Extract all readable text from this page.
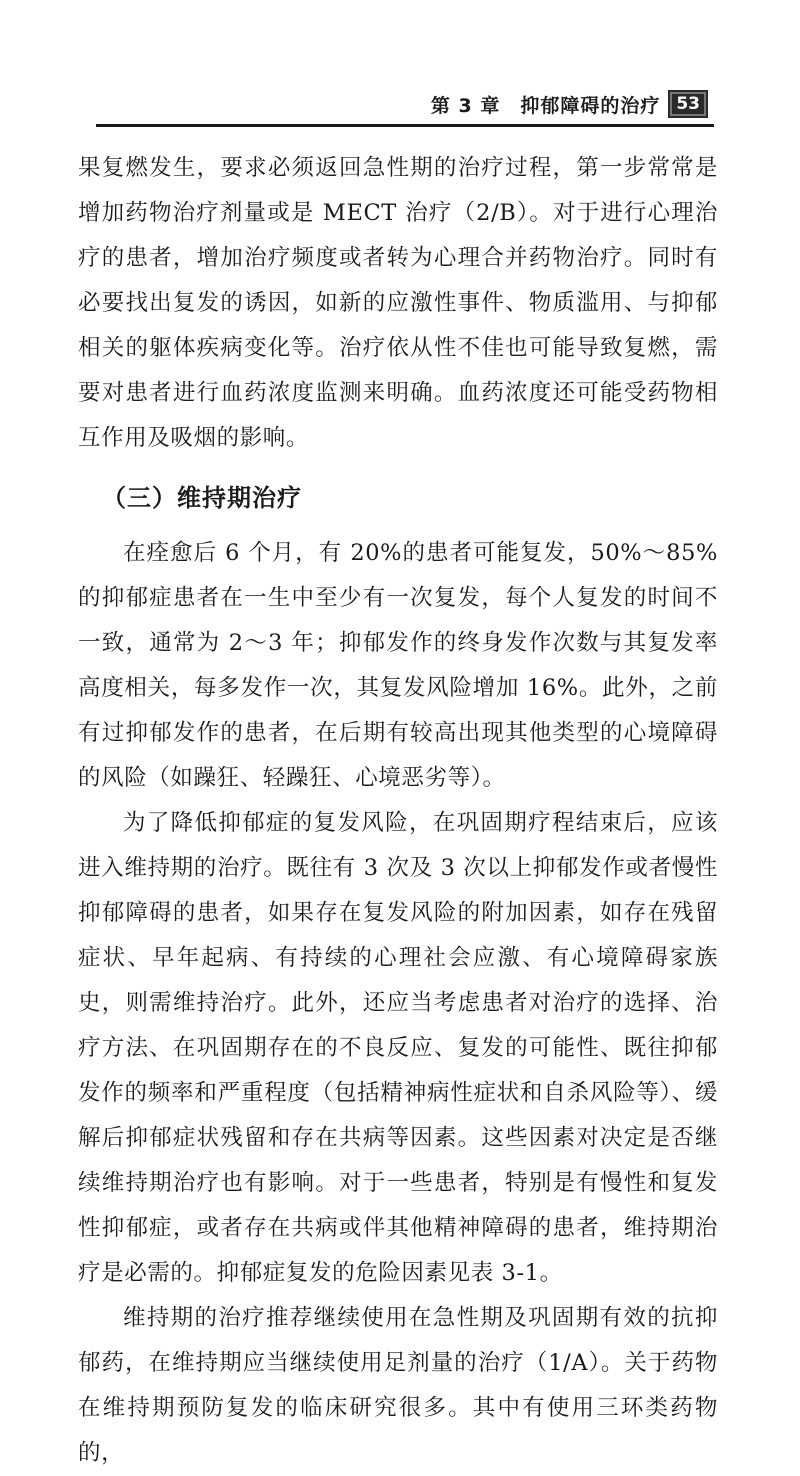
第 3 章　抑郁障碍的治疗 53

果复燃发生，要求必须返回急性期的治疗过程，第一步常常是增加药物治疗剂量或是 MECT 治疗（2/B）。对于进行心理治疗的患者，增加治疗频度或者转为心理合并药物治疗。同时有必要找出复发的诱因，如新的应激性事件、物质滥用、与抑郁相关的躯体疾病变化等。治疗依从性不佳也可能导致复燃，需要对患者进行血药浓度监测来明确。血药浓度还可能受药物相互作用及吸烟的影响。

（三）维持期治疗

在痊愈后 6 个月，有 20%的患者可能复发，50%～85%的抑郁症患者在一生中至少有一次复发，每个人复发的时间不一致，通常为 2～3 年；抑郁发作的终身发作次数与其复发率高度相关，每多发作一次，其复发风险增加 16%。此外，之前有过抑郁发作的患者，在后期有较高出现其他类型的心境障碍的风险（如躁狂、轻躁狂、心境恶劣等）。

为了降低抑郁症的复发风险，在巩固期疗程结束后，应该进入维持期的治疗。既往有 3 次及 3 次以上抑郁发作或者慢性抑郁障碍的患者，如果存在复发风险的附加因素，如存在残留症状、早年起病、有持续的心理社会应激、有心境障碍家族史，则需维持治疗。此外，还应当考虑患者对治疗的选择、治疗方法、在巩固期存在的不良反应、复发的可能性、既往抑郁发作的频率和严重程度（包括精神病性症状和自杀风险等）、缓解后抑郁症状残留和存在共病等因素。这些因素对决定是否继续维持期治疗也有影响。对于一些患者，特别是有慢性和复发性抑郁症，或者存在共病或伴其他精神障碍的患者，维持期治疗是必需的。抑郁症复发的危险因素见表 3-1。

维持期的治疗推荐继续使用在急性期及巩固期有效的抗抑郁药，在维持期应当继续使用足剂量的治疗（1/A）。关于药物在维持期预防复发的临床研究很多。其中有使用三环类药物的，
